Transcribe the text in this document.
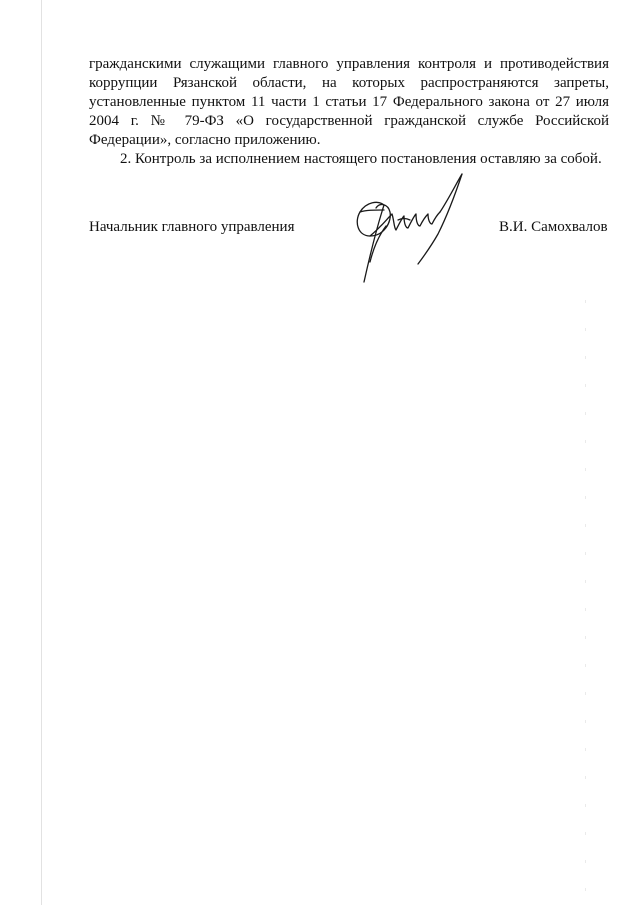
гражданскими служащими главного управления контроля и противодействия коррупции Рязанской области, на которых распространяются запреты, установленные пунктом 11 части 1 статьи 17 Федерального закона от 27 июля 2004 г. № 79-ФЗ «О государственной гражданской службе Российской Федерации», согласно приложению.

2. Контроль за исполнением настоящего постановления оставляю за собой.

Начальник главного управления	В.И. Самохвалов
